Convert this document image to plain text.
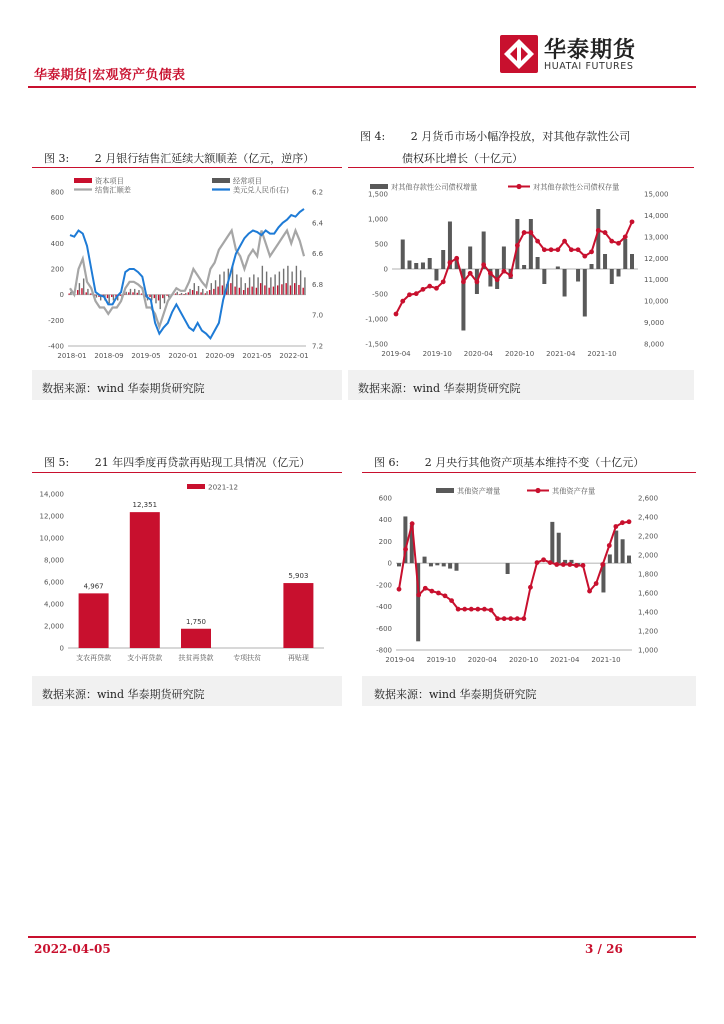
华泰期货|宏观资产负债表
华泰期货
HUATAI FUTURES
图 3: 2 月银行结售汇延续大额顺差（亿元，逆序）
数据来源：wind 华泰期货研究院
-400
-200
0
200
400
600
800	6.2
6.4
6.6
6.8
7.0
7.2
2018-01 2018-09 2019-05 2020-01 2020-09 2021-05 2022-01
资本项目	经常项目
结售汇顺差	美元兑人民币(右)
图 4: 2 月货币市场小幅净投放，对其他存款性公司
债权环比增长（十亿元）
数据来源：wind 华泰期货研究院
-1,500
-1,000
-500
0
500
1,000
1,500
8,000
9,000
10,000
11,000
12,000
13,000
14,000
15,000
2019-04 2019-10 2020-04 2020-10 2021-04 2021-10
对其他存款性公司债权增量	对其他存款性公司债权存量
图 5: 21 年四季度再贷款再贴现工具情况（亿元）
数据来源：wind 华泰期货研究院
0
2,000
4,000
6,000
8,000
10,000
12,000
14,000
2021-12
4,967
支农再贷款
12,351
支小再贷款
1,750
扶贫再贷款	专项扶贫
5,903
再贴现
图 6: 2 月央行其他资产项基本维持不变（十亿元）
数据来源：wind 华泰期货研究院
-800
-600
-400
-200
0
200
400
600
1,000
1,200
1,400
1,600
1,800
2,000
2,200
2,400
2,600
2019-04 2019-10 2020-04 2020-10 2021-04 2021-10
其他资产增量	其他资产存量
2022-04-05	3 / 26
